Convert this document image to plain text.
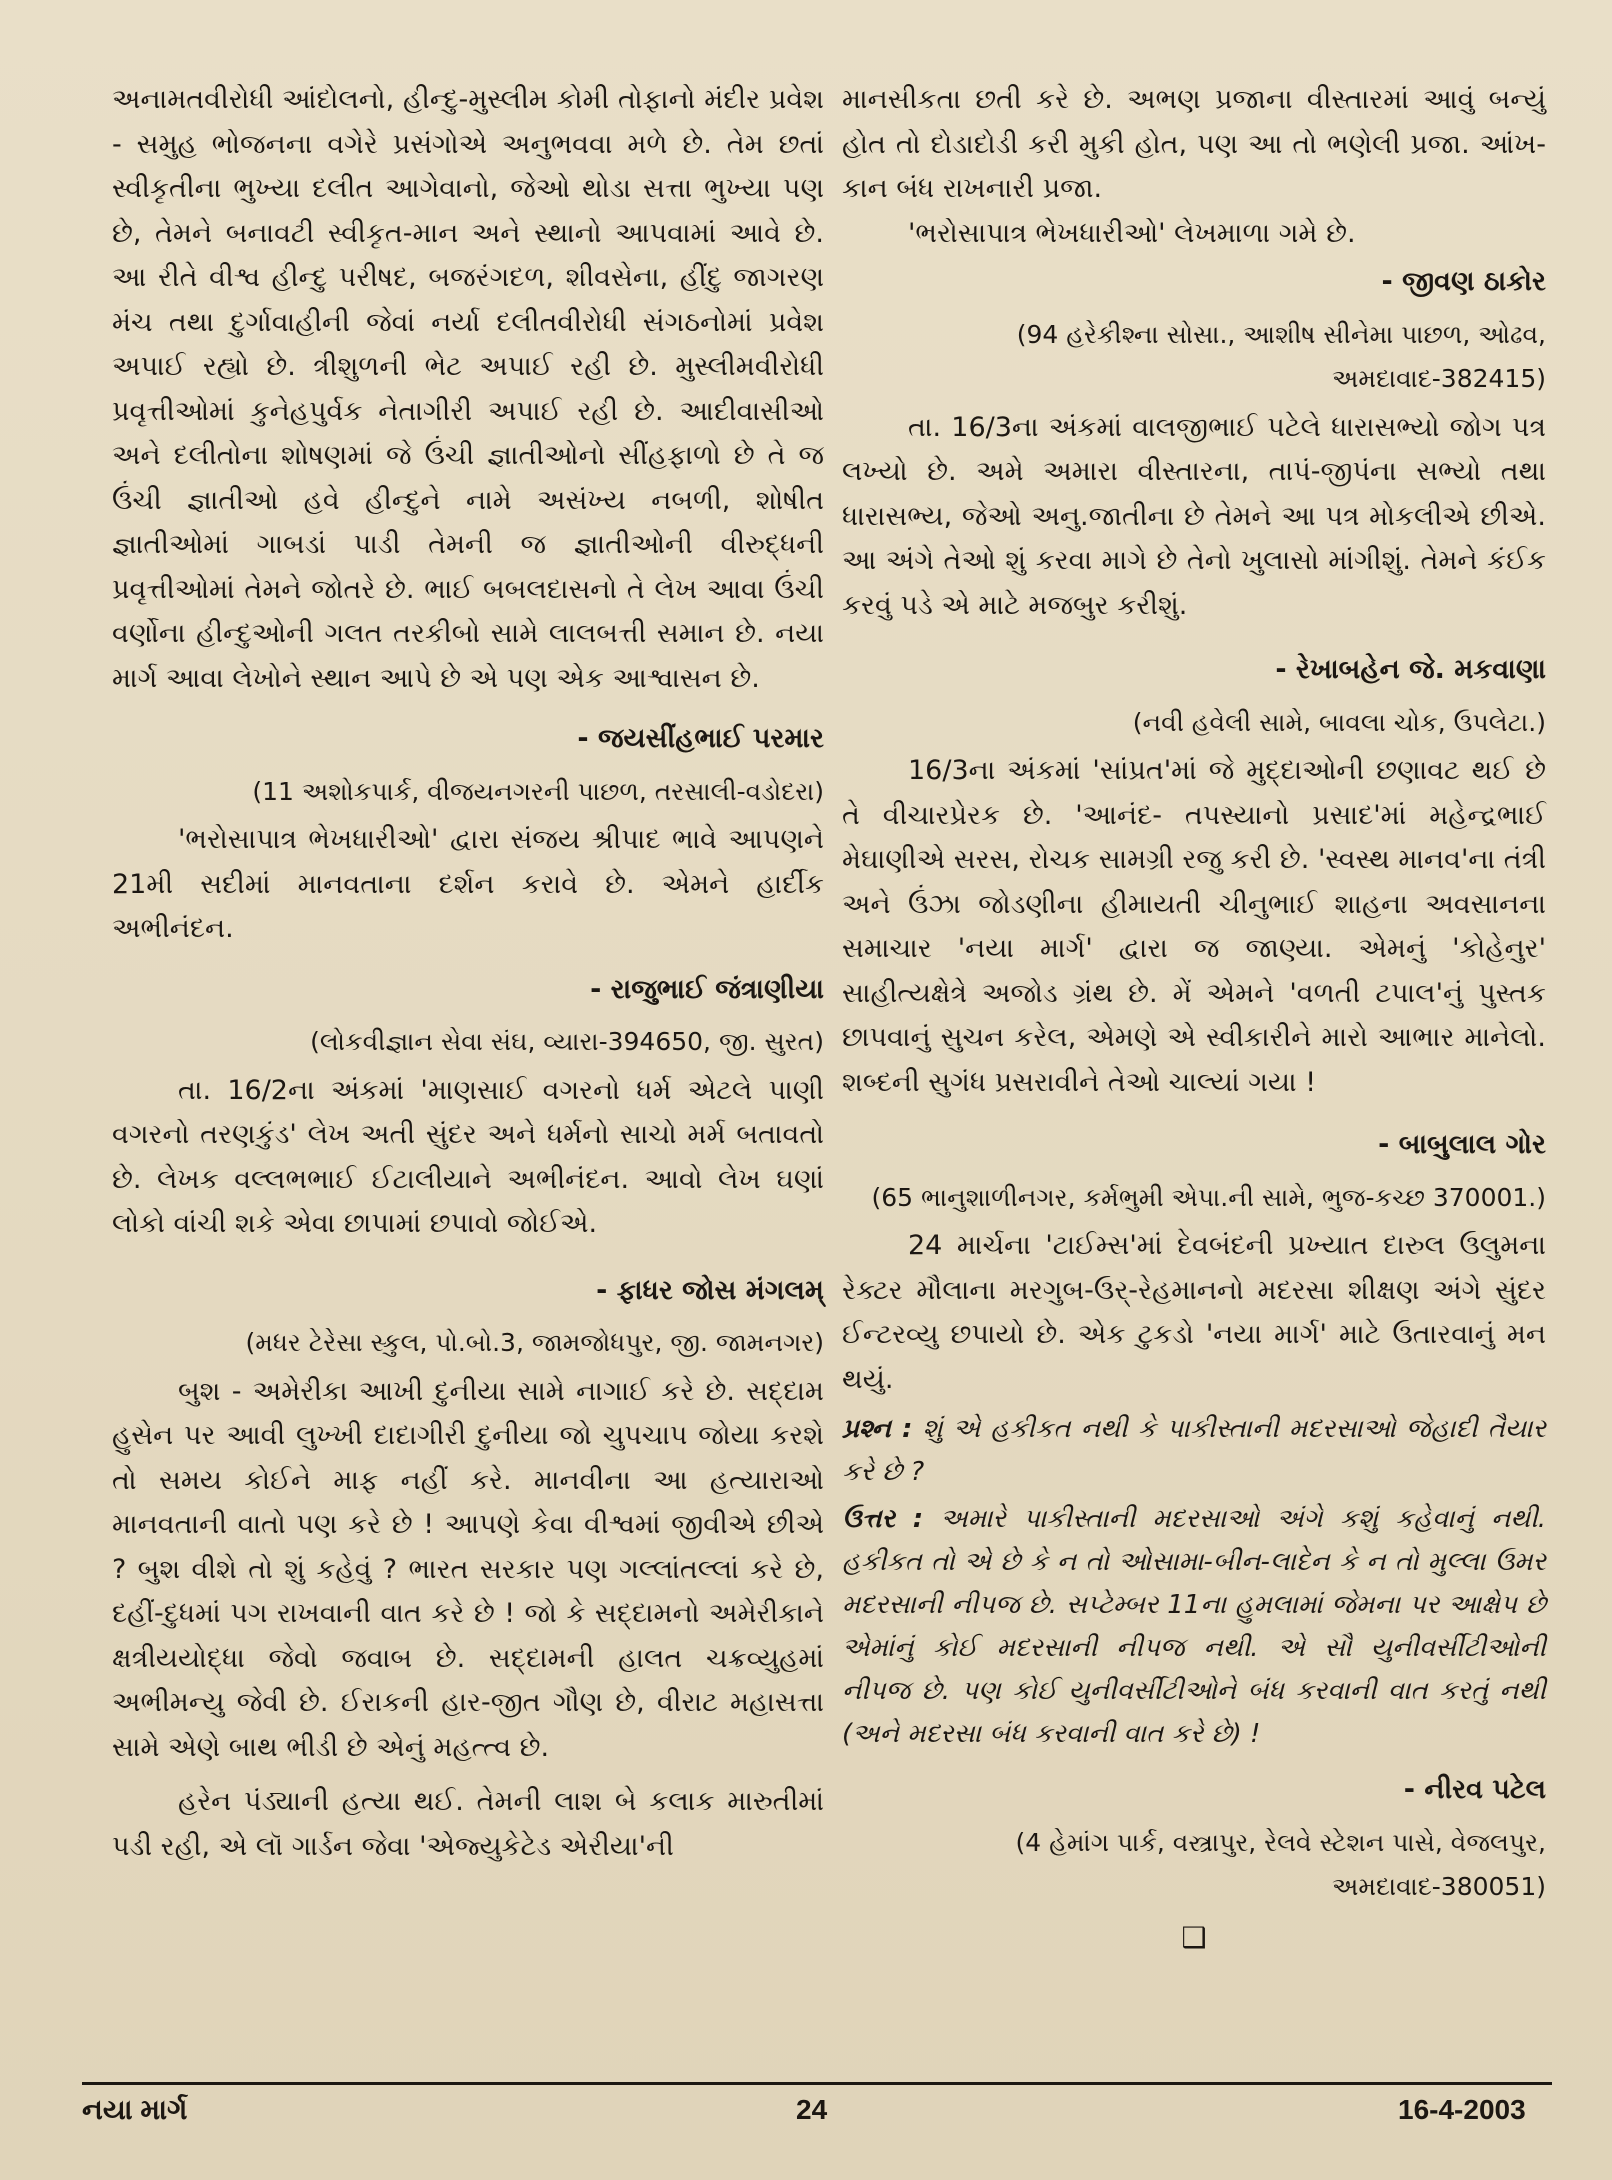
અનામતવીરોધી આંદોલનો, હીન્દુ-મુસ્લીમ કોમી તોફાનો મંદીર પ્રવેશ - સમુહ ભોજનના વગેરે પ્રસંગોએ અનુભવવા મળે છે. તેમ છતાં સ્વીકૃતીના ભુખ્યા દલીત આગેવાનો, જેઓ થોડા સત્તા ભુખ્યા પણ છે, તેમને બનાવટી સ્વીકૃત-માન અને સ્થાનો આપવામાં આવે છે. આ રીતે વીશ્વ હીન્દુ પરીષદ, બજરંગદળ, શીવસેના, હીંદુ જાગરણ મંચ તથા દુર્ગાવાહીની જેવાં નર્યા દલીતવીરોધી સંગઠનોમાં પ્રવેશ અપાઈ રહ્યો છે. ત્રીશુળની ભેટ અપાઈ રહી છે. મુસ્લીમવીરોધી પ્રવૃત્તીઓમાં કુનેહપુર્વક નેતાગીરી અપાઈ રહી છે. આદીવાસીઓ અને દલીતોના શોષણમાં જે ઉંચી જ્ઞાતીઓનો સીંહફાળો છે તે જ ઉંચી જ્ઞાતીઓ હવે હીન્દુને નામે અસંખ્ય નબળી, શોષીત જ્ઞાતીઓમાં ગાબડાં પાડી તેમની જ જ્ઞાતીઓની વીરુદ્ધની પ્રવૃત્તીઓમાં તેમને જોતરે છે. ભાઈ બબલદાસનો તે લેખ આવા ઉંચી વર્ણોના હીન્દુઓની ગલત તરકીબો સામે લાલબત્તી સમાન છે. નયા માર્ગ આવા લેખોને સ્થાન આપે છે એ પણ એક આશ્વાસન છે.

- જયસીંહભાઈ પરમાર
(11 અશોકપાર્ક, વીજયનગરની પાછળ, તરસાલી-વડોદરા)

'ભરોસાપાત્ર ભેખધારીઓ' દ્વારા સંજય શ્રીપાદ ભાવે આપણને 21મી સદીમાં માનવતાના દર્શન કરાવે છે. એમને હાર્દીક અભીનંદન.

- રાજુભાઈ જંત્રાણીયા
(લોકવીજ્ઞાન સેવા સંઘ, વ્યારા-394650, જી. સુરત)

તા. 16/2ના અંકમાં 'માણસાઈ વગરનો ધર્મ એટલે પાણી વગરનો તરણકુંડ' લેખ અતી સુંદર અને ધર્મનો સાચો મર્મ બતાવતો છે. લેખક વલ્લભભાઈ ઈટાલીયાને અભીનંદન. આવો લેખ ઘણાં લોકો વાંચી શકે એવા છાપામાં છપાવો જોઈએ.

- ફાધર જોસ મંગલમ્
(મધર ટેરેસા સ્કુલ, પો.બો.3, જામજોધપુર, જી. જામનગર)

બુશ - અમેરીકા આખી દુનીયા સામે નાગાઈ કરે છે. સદ્દામ હુસેન પર આવી લુખ્ખી દાદાગીરી દુનીયા જો ચુપચાપ જોયા કરશે તો સમય કોઈને માફ નહીં કરે. માનવીના આ હત્યારાઓ માનવતાની વાતો પણ કરે છે ! આપણે કેવા વીશ્વમાં જીવીએ છીએ ? બુશ વીશે તો શું કહેવું ? ભારત સરકાર પણ ગલ્લાંતલ્લાં કરે છે, દહીં-દુધમાં પગ રાખવાની વાત કરે છે ! જો કે સદ્દામનો અમેરીકાને ક્ષત્રીયયોદ્ધા જેવો જવાબ છે. સદ્દામની હાલત ચક્રવ્યુહમાં અભીમન્યુ જેવી છે. ઈરાકની હાર-જીત ગૌણ છે, વીરાટ મહાસત્તા સામે એણે બાથ ભીડી છે એનું મહત્ત્વ છે.

હરેન પંડ્યાની હત્યા થઈ. તેમની લાશ બે કલાક મારુતીમાં પડી રહી, એ લૉ ગાર્ડન જેવા 'એજ્યુકેટેડ એરીયા'ની

માનસીકતા છતી કરે છે. અભણ પ્રજાના વીસ્તારમાં આવું બન્યું હોત તો દોડાદોડી કરી મુકી હોત, પણ આ તો ભણેલી પ્રજા. આંખ-કાન બંધ રાખનારી પ્રજા.

'ભરોસાપાત્ર ભેખધારીઓ' લેખમાળા ગમે છે.

- જીવણ ઠાકોર
(94 હરેકીશ્ના સોસા., આશીષ સીનેમા પાછળ, ઓઢવ,
અમદાવાદ-382415)

તા. 16/3ના અંકમાં વાલજીભાઈ પટેલે ધારાસભ્યો જોગ પત્ર લખ્યો છે. અમે અમારા વીસ્તારના, તાપં-જીપંના સભ્યો તથા ધારાસભ્ય, જેઓ અનુ.જાતીના છે તેમને આ પત્ર મોકલીએ છીએ. આ અંગે તેઓ શું કરવા માગે છે તેનો ખુલાસો માંગીશું. તેમને કંઈક કરવું પડે એ માટે મજબુર કરીશું.

- રેખાબહેન જે. મકવાણા
(નવી હવેલી સામે, બાવલા ચોક, ઉપલેટા.)

16/3ના અંકમાં 'સાંપ્રત'માં જે મુદ્દાઓની છણાવટ થઈ છે તે વીચારપ્રેરક છે. 'આનંદ- તપસ્યાનો પ્રસાદ'માં મહેન્દ્રભાઈ મેઘાણીએ સરસ, રોચક સામગ્રી રજુ કરી છે. 'સ્વસ્થ માનવ'ના તંત્રી અને ઉંઝા જોડણીના હીમાયતી ચીનુભાઈ શાહના અવસાનના સમાચાર 'નયા માર્ગ' દ્વારા જ જાણ્યા. એમનું 'કોહેનુર' સાહીત્યક્ષેત્રે અજોડ ગ્રંથ છે. મેં એમને 'વળતી ટપાલ'નું પુસ્તક છાપવાનું સુચન કરેલ, એમણે એ સ્વીકારીને મારો આભાર માનેલો. શબ્દની સુગંધ પ્રસરાવીને તેઓ ચાલ્યાં ગયા !

- બાબુલાલ ગોર
(65 ભાનુશાળીનગર, કર્મભુમી એપા.ની સામે, ભુજ-કચ્છ 370001.)

24 માર્ચના 'ટાઈમ્સ'માં દેવબંદની પ્રખ્યાત દારુલ ઉલુમના રેક્ટર મૌલાના મરગુબ-ઉર્-રેહમાનનો મદરસા શીક્ષણ અંગે સુંદર ઈન્ટરવ્યુ છપાયો છે. એક ટુકડો 'નયા માર્ગ' માટે ઉતારવાનું મન થયું.

પ્રશ્ન : શું એ હકીકત નથી કે પાકીસ્તાની મદરસાઓ જેહાદી તૈયાર કરે છે ?

ઉત્તર : અમારે પાકીસ્તાની મદરસાઓ અંગે કશું કહેવાનું નથી. હકીકત તો એ છે કે ન તો ઓસામા-બીન-લાદેન કે ન તો મુલ્લા ઉમર મદરસાની નીપજ છે. સપ્ટેમ્બર 11ના હુમલામાં જેમના પર આક્ષેપ છે એમાંનું કોઈ મદરસાની નીપજ નથી. એ સૌ યુનીવર્સીટીઓની નીપજ છે. પણ કોઈ યુનીવર્સીટીઓને બંધ કરવાની વાત કરતું નથી (અને મદરસા બંધ કરવાની વાત કરે છે) !

- નીરવ પટેલ
(4 હેમાંગ પાર્ક, વસ્ત્રાપુર, રેલવે સ્ટેશન પાસે, વેજલપુર,
અમદાવાદ-380051)
❑
નયા માર્ગ	24	16-4-2003
